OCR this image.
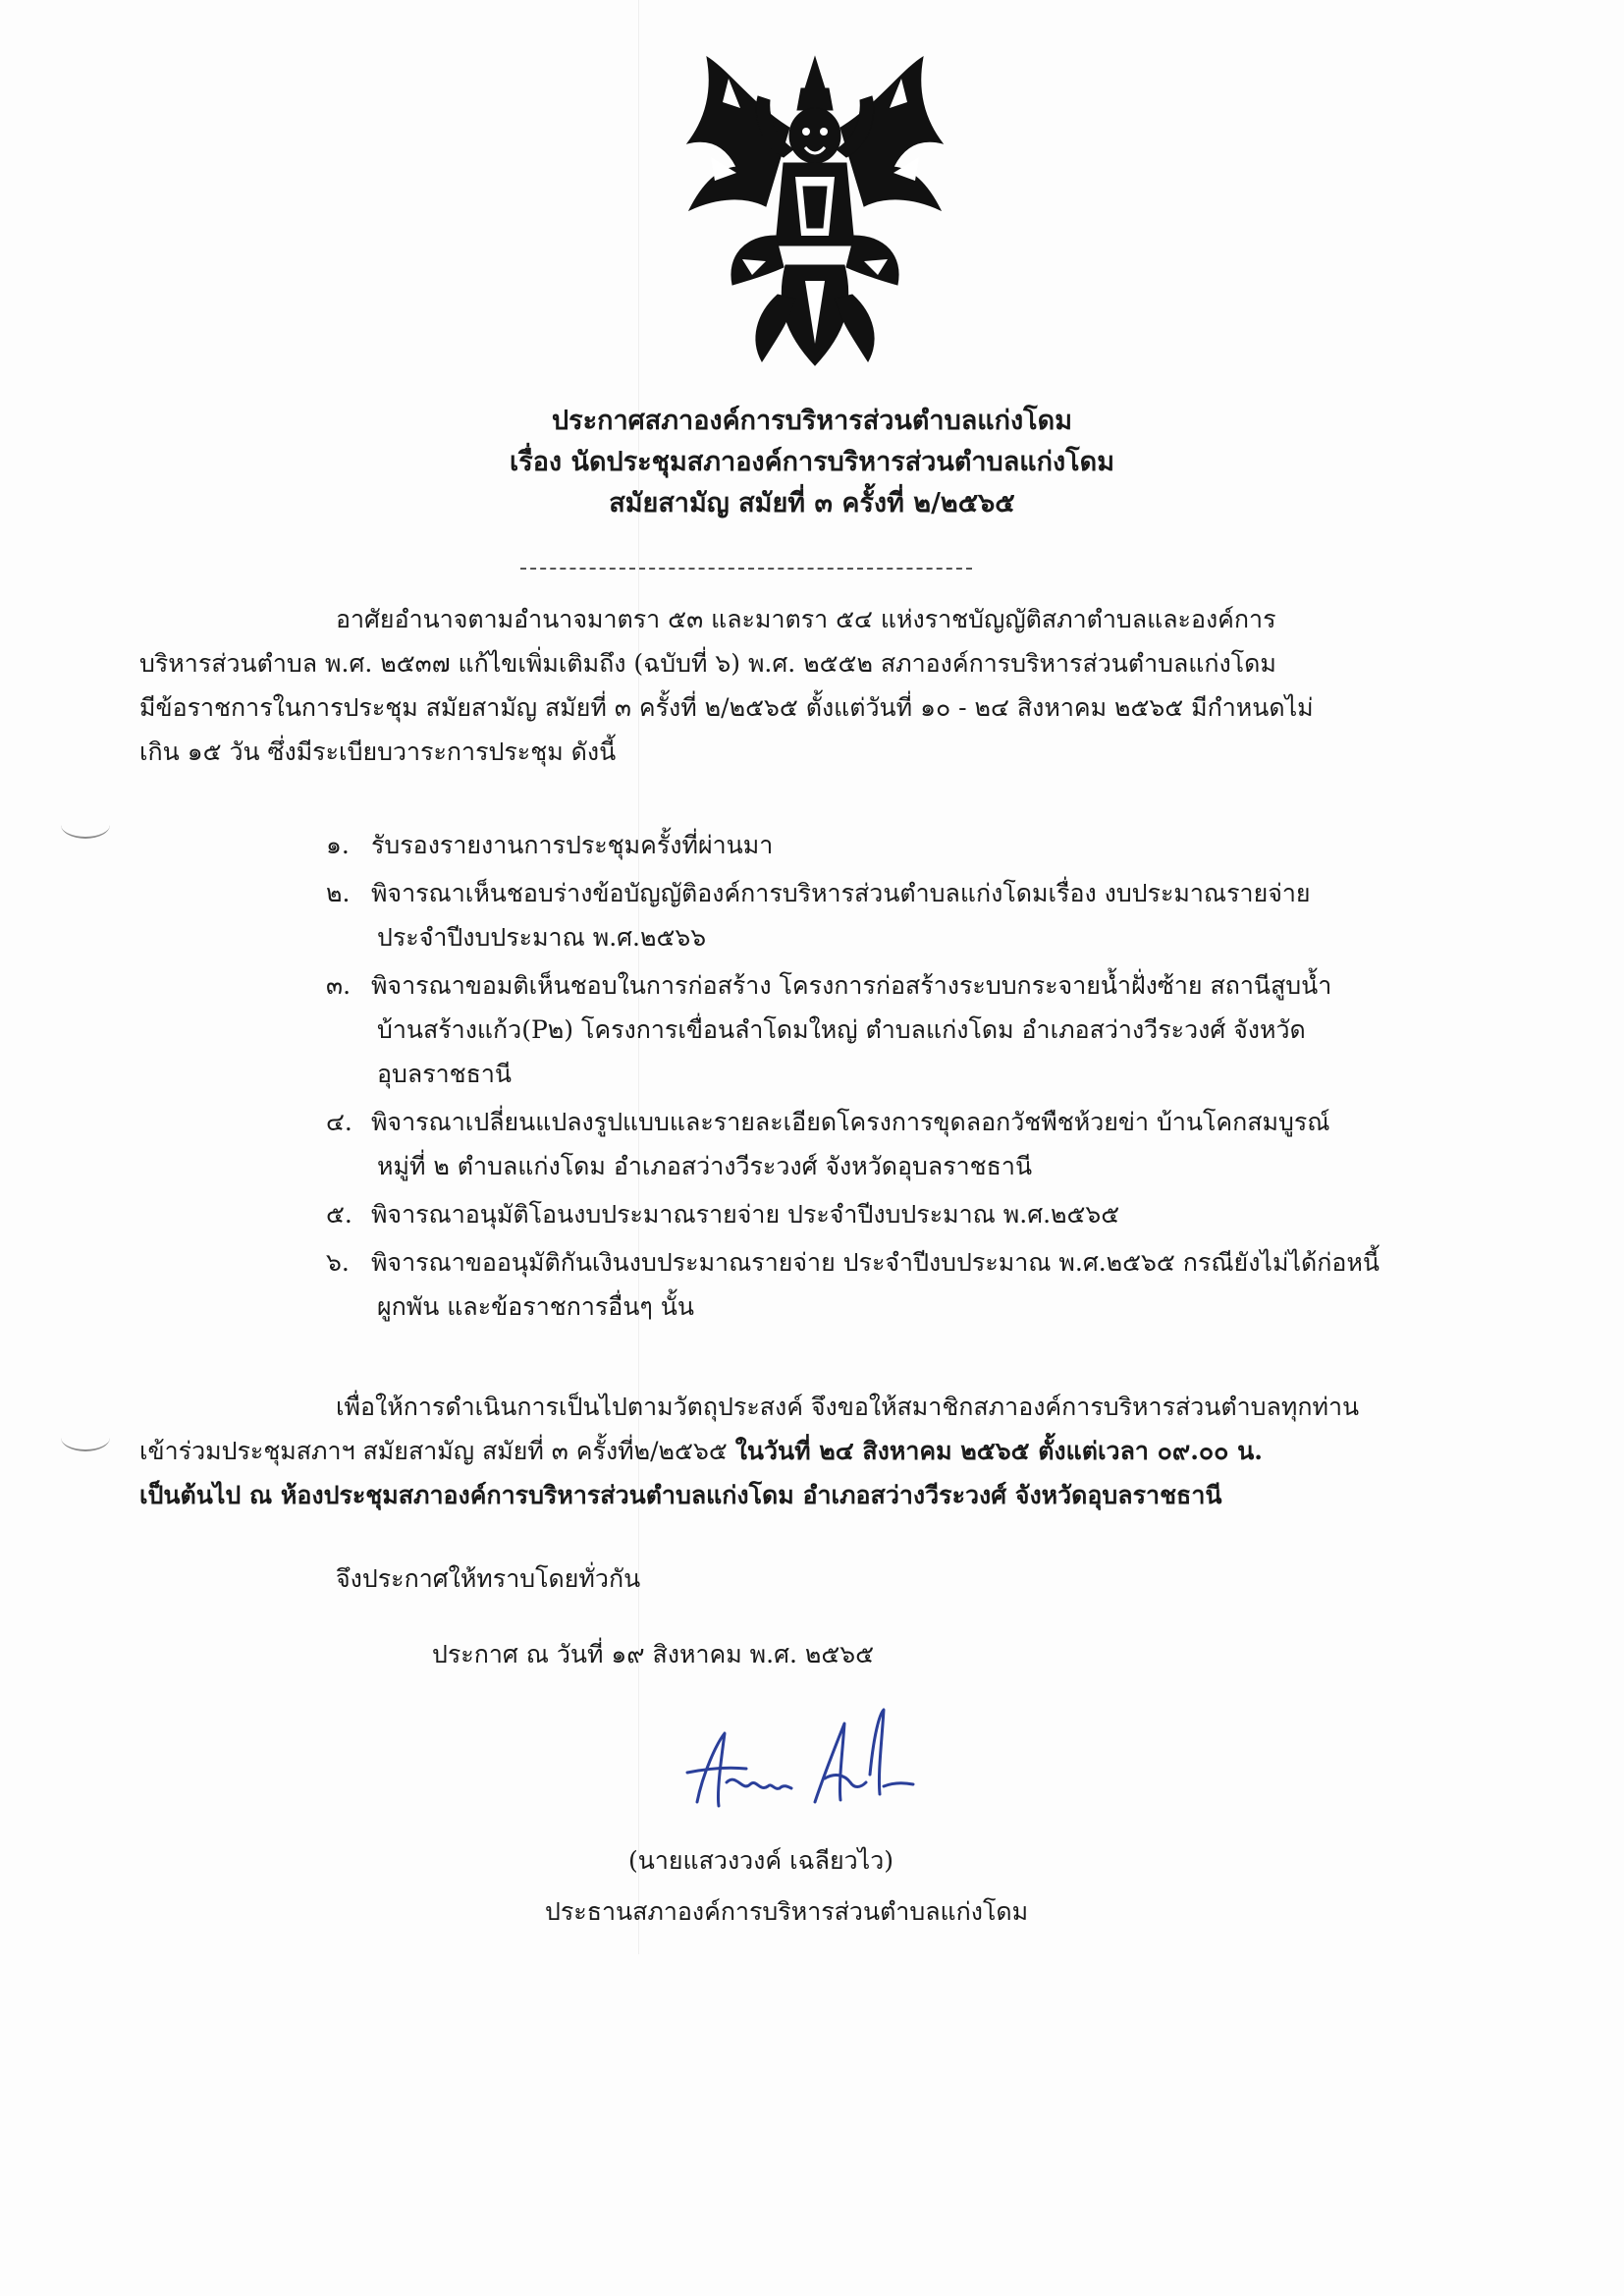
ประกาศสภาองค์การบริหารส่วนตำบลแก่งโดม
เรื่อง นัดประชุมสภาองค์การบริหารส่วนตำบลแก่งโดม
สมัยสามัญ สมัยที่ ๓ ครั้งที่ ๒/๒๕๖๕
อาศัยอำนาจตามอำนาจมาตรา ๕๓ และมาตรา ๕๔ แห่งราชบัญญัติสภาตำบลและองค์การ
บริหารส่วนตำบล พ.ศ. ๒๕๓๗ แก้ไขเพิ่มเติมถึง (ฉบับที่ ๖) พ.ศ. ๒๕๕๒ สภาองค์การบริหารส่วนตำบลแก่งโดม
มีข้อราชการในการประชุม สมัยสามัญ สมัยที่ ๓ ครั้งที่ ๒/๒๕๖๕ ตั้งแต่วันที่ ๑๐ - ๒๔ สิงหาคม ๒๕๖๕ มีกำหนดไม่
เกิน ๑๕ วัน ซึ่งมีระเบียบวาระการประชุม ดังนี้
๑. รับรองรายงานการประชุมครั้งที่ผ่านมา
๒. พิจารณาเห็นชอบร่างข้อบัญญัติองค์การบริหารส่วนตำบลแก่งโดมเรื่อง งบประมาณรายจ่าย
ประจำปีงบประมาณ พ.ศ.๒๕๖๖
๓. พิจารณาขอมติเห็นชอบในการก่อสร้าง โครงการก่อสร้างระบบกระจายน้ำฝั่งซ้าย สถานีสูบน้ำ
บ้านสร้างแก้ว(P๒) โครงการเขื่อนลำโดมใหญ่ ตำบลแก่งโดม อำเภอสว่างวีระวงศ์ จังหวัด
อุบลราชธานี
๔. พิจารณาเปลี่ยนแปลงรูปแบบและรายละเอียดโครงการขุดลอกวัชพืชห้วยข่า บ้านโคกสมบูรณ์
หมู่ที่ ๒ ตำบลแก่งโดม อำเภอสว่างวีระวงศ์ จังหวัดอุบลราชธานี
๕. พิจารณาอนุมัติโอนงบประมาณรายจ่าย ประจำปีงบประมาณ พ.ศ.๒๕๖๕
๖. พิจารณาขออนุมัติกันเงินงบประมาณรายจ่าย ประจำปีงบประมาณ พ.ศ.๒๕๖๕ กรณียังไม่ได้ก่อหนี้
ผูกพัน และข้อราชการอื่นๆ นั้น
เพื่อให้การดำเนินการเป็นไปตามวัตถุประสงค์ จึงขอให้สมาชิกสภาองค์การบริหารส่วนตำบลทุกท่าน
เข้าร่วมประชุมสภาฯ สมัยสามัญ สมัยที่ ๓ ครั้งที่๒/๒๕๖๕ ในวันที่ ๒๔ สิงหาคม ๒๕๖๕ ตั้งแต่เวลา ๐๙.๐๐ น.
เป็นต้นไป ณ ห้องประชุมสภาองค์การบริหารส่วนตำบลแก่งโดม อำเภอสว่างวีระวงศ์ จังหวัดอุบลราชธานี
จึงประกาศให้ทราบโดยทั่วกัน
ประกาศ ณ วันที่ ๑๙ สิงหาคม พ.ศ. ๒๕๖๕
(นายแสวงวงค์ เฉลียวไว)
ประธานสภาองค์การบริหารส่วนตำบลแก่งโดม
